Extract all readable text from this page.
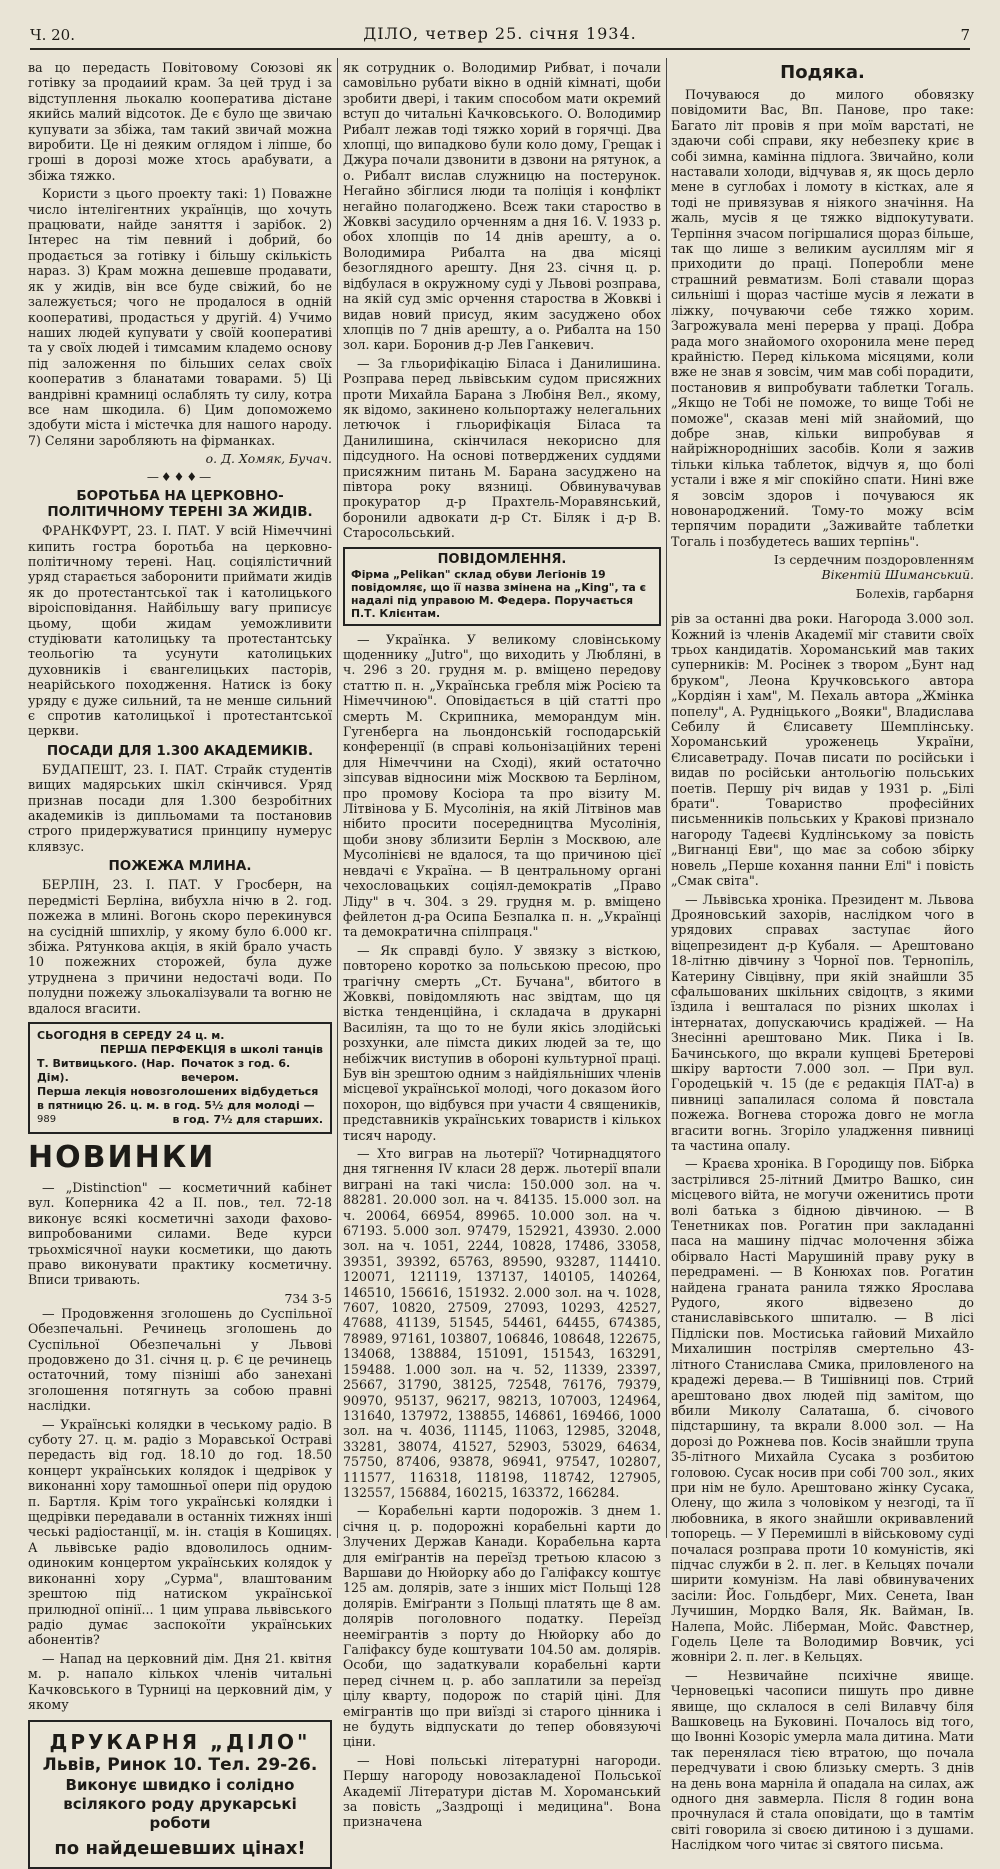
Ч. 20.	ДІЛО, четвер 25. січня 1934.	7

ва цо передасть Повітовому Союзові як готівку за продаиий крам. За цей труд і за відступлення льокалю кооператива дістане якийсь малий відсоток. Де є було ще звичаю купувати за збіжа, там такий звичай можна виробити. Це ні деяким оглядом і ліпше, бо гроші в дорозі може хтось арабувати, а збіжа тяжко.

Користи з цього проекту такі: 1) Поважне число інтелігентних українців, що хочуть працювати, найде заняття і зарібок. 2) Інтерес на тім певний і добрий, бо продається за готівку і більшу скількість нараз. 3) Крам можна дешевше продавати, як у жидів, він все буде свіжий, бо не залежується; чого не продалося в одній кооперативі, продасться у другій. 4) Учимо наших людей купувати у своїй кооперативі та у своїх людей і тимсамим кладемо основу під заложення по більших селах своїх кооператив з бланатами товарами. 5) Ці вандрівні крамниці ослаблять ту силу, котра все нам шкодила. 6) Цим допоможемо здобути міста і містечка для нашого народу. 7) Селяни заробляють на фірманках.

о. Д. Хомяк, Бучач.
—♦♦♦—
БОРОТЬБА НА ЦЕРКОВНО-ПОЛІТИЧНОМУ ТЕРЕНІ ЗА ЖИДІВ.

ФРАНКФУРТ, 23. І. ПАТ. У всій Німеччині кипить гостра боротьба на церковно-політичному терені. Нац. соціялістичний уряд старається заборонити приймати жидів як до протестантської так і католицького віроісповідання. Найбільшу вагу приписує цьому, щоби жидам уеможливити студіювати католицьку та протестантську теольогію та усунути католицьких духовників і євангелицьких пасторів, неарійського походження. Натиск із боку уряду є дуже сильний, та не менше сильний є спротив католицької і протестантської церкви.

ПОСАДИ ДЛЯ 1.300 АКАДЕМИКІВ.

БУДАПЕШТ, 23. І. ПАТ. Страйк студентів вищих мадярських шкіл скінчився. Уряд признав посади для 1.300 безробітних академиків із дипльомами та постановив строго придержуватися принципу нумерус клявзус.

ПОЖЕЖА МЛИНА.

БЕРЛІН, 23. І. ПАТ. У Гросберн, на передмісті Берліна, вибухла нічю в 2. год. пожежа в млині. Вогонь скоро перекинувся на сусідній шпихлір, у якому було 6.000 кг. збіжа. Рятункова акція, в якій брало участь 10 пожежних сторожей, була дуже утруднена з причини недостачі води. По полудни пожежу зльокалізували та вогню не вдалося вгасити.

СЬОГОДНЯ В СЕРЕДУ 24 ц. м.
ПЕРША ПЕРФЕКЦІЯ в школі танців
Т. Витвицького. (Нар. Дім).
Початок з год. 6. вечером.
Перша лекція новозголошених відбудеться в пятницю 26. ц. м. в год. 5½ для молоді —
989	в год. 7½ для старших.
НОВИНКИ

— „Distinction" — косметичний кабінет вул. Коперника 42 а ІІ. пов., тел. 72-18 виконує всякі косметичні заходи фахово-випробованими силами. Веде курси трьохмісячної науки косметики, що дають право виконувати практику косметичну. Вписи тривають.

734 3-5

— Продовження зголошень до Суспільної Обезпечальні. Речинець зголошень до Суспільної Обезпечальні у Львові продовжено до 31. січня ц. р. Є це речинець остаточний, тому пізніші або занехані зголошення потягнуть за собою правні наслідки.

— Українські колядки в чеському радіо. В суботу 27. ц. м. радіо з Моравської Остраві передасть від год. 18.10 до год. 18.50 концерт українських колядок і щедрівок у виконанні хору тамошньої опери під орудою п. Бартля. Крім того українські колядки і щедрівки передавали в останніх тижнях інші чеські радіостанції, м. ін. стація в Кошицях. А львівське радіо вдоволилось одним-одиноким концертом українських колядок у виконанні хору „Сурма", влаштованим зрештою під натиском української прилюдної опінії... 1 цим управа львівського радіо думає заспокоїти українських абонентів?

— Напад на церковний дім. Дня 21. квітня м. р. напало кількох членів читальні Качковського в Турниці на церковний дім, у якому

ДРУКАРНЯ „ДІЛО"
Львів, Ринок 10. Тел. 29-26.
Виконує швидко і солідно всілякого роду друкарські роботи
по найдешевших цінах!

як сотрудник о. Володимир Рибват, і почали самовільно рубати вікно в одній кімнаті, щоби зробити двері, і таким способом мати окремий вступ до читальні Качковського. О. Володимир Рибалт лежав тоді тяжко хорий в горячці. Два хлопці, що випадково були коло дому, Грещак і Джура почали дзвонити в дзвони на рятунок, а о. Рибалт вислав служницю на постерунок. Негайно збіглися люди та поліція і конфлікт негайно полагоджено. Всеж таки староство в Жовкві засудило орченням а дня 16. V. 1933 р. обох хлопців по 14 днів арешту, а о. Володимира Рибалта на два місяці безоглядного арешту. Дня 23. січня ц. р. відбулася в окружному суді у Львові розправа, на якій суд зміс орчення староства в Жовкві і видав новий присуд, яким засуджено обох хлопців по 7 днів арешту, а о. Рибалта на 150 зол. кари. Боронив д-р Лев Ганкевич.

— За гльорифікацію Біласа і Данилишина. Розправа перед львівським судом присяжних проти Михайла Барана з Любіня Вел., якому, як відомо, закинено кольпортажу нелегальних летючок і гльорифікація Біласа та Данилишина, скінчилася некорисно для підсудного. На основі потверджених суддями присяжним питань М. Барана засуджено на півтора року вязниці. Обвинувачував прокуратор д-р Прахтель-Моравянський, боронили адвокати д-р Ст. Біляк і д-р В. Старосольський.

ПОВІДОМЛЕННЯ.
Фірма „Pelikan" склад обуви Легіонів 19 повідомляє, що її назва змінена на „King", та є надалі під управою М. Федера. Поручається П.Т. Клієнтам.

— Українка. У великому словінському щоденнику „Jutro", що виходить у Любляні, в ч. 296 з 20. грудня м. р. вміщено передову статтю п. н. „Українська гребля між Росією та Німеччиною". Оповідається в цій статті про смерть М. Скрипника, меморандум мін. Гугенберга на льондонській господарській конференції (в справі кольонізаційних терені для Німеччини на Сході), який остаточно зіпсував відносини між Москвою та Берліном, про промову Косіора та про візиту М. Літвінова у Б. Мусолінія, на якій Літвінов мав нібито просити посередництва Мусолінія, щоби знову зблизити Берлін з Москвою, але Мусолінієві не вдалося, та що причиною цієї невдачі є Україна. — В центральному органі чехословацьких соціял-демократів „Право Ліду" в ч. 304. з 29. грудня м. р. вміщено фейлетон д-ра Осипа Безпалка п. н. „Українці та демократична спілпраця."

— Як справді було. У звязку з вісткою, повторено коротко за польською пресою, про трагічну смерть „Ст. Бучана", вбитого в Жовкві, повідомляють нас звідтам, що ця вістка тенденційна, і складача в друкарні Василіян, та що то не були якісь злодійські розхунки, але пімста диких людей за те, що небіжчик виступив в обороні культурної праці. Був він зрештою одним з найдіяльніших членів місцевої української молоді, чого доказом його похорон, що відбувся при участи 4 священиків, представників українських товариств і кількох тисяч народу.

— Хто виграв на льотерії? Чотирнадцятого дня тягнення IV класи 28 держ. льотерії впали виграні на такі числа: 150.000 зол. на ч. 88281. 20.000 зол. на ч. 84135. 15.000 зол. на ч. 20064, 66954, 89965. 10.000 зол. на ч. 67193. 5.000 зол. 97479, 152921, 43930. 2.000 зол. на ч. 1051, 2244, 10828, 17486, 33058, 39351, 39392, 65763, 89590, 93287, 114410. 120071, 121119, 137137, 140105, 140264, 146510, 156616, 151932. 2.000 зол. на ч. 1028, 7607, 10820, 27509, 27093, 10293, 42527, 47688, 41139, 51545, 54461, 64455, 674385, 78989, 97161, 103807, 106846, 108648, 122675, 134068, 138884, 151091, 151543, 163291, 159488. 1.000 зол. на ч. 52, 11339, 23397, 25667, 31790, 38125, 72548, 76176, 79379, 90970, 95137, 96217, 98213, 107003, 124964, 131640, 137972, 138855, 146861, 169466, 1000 зол. на ч. 4036, 11145, 11063, 12985, 32048, 33281, 38074, 41527, 52903, 53029, 64634, 75750, 87406, 93878, 96941, 97547, 102807, 111577, 116318, 118198, 118742, 127905, 132557, 156884, 160215, 163372, 166284.

— Корабельні карти подорожів. З днем 1. січня ц. р. подорожні корабельні карти до Злучених Держав Канади. Корабельна карта для еміґрантів на переїзд третьою класою з Варшави до Нюйорку або до Галіфаксу коштує 125 ам. долярів, зате з інших міст Польщі 128 долярів. Еміґранти з Польщі платять ще 8 ам. долярів поголовного податку. Переїзд неемігрантів з порту до Нюйорку або до Галіфаксу буде коштувати 104.50 ам. долярів. Особи, що задаткували корабельні карти перед січнем ц. р. або заплатили за переїзд цілу кварту, подорож по старій ціні. Для емігрантів що при виїзді зі старого цінника і не будуть відпускати до тепер обовязуючі ціни.

— Нові польські літературні нагороди. Першу нагороду новозакладеної Польської Академії Літератури дістав М. Хороманський за повість „Заздрощі і медицина". Вона призначена

Подяка.

Почуваюся до милого обовязку повідомити Вас, Вп. Панове, про таке: Багато літ провів я при моїм варстаті, не здаючи собі справи, яку небезпеку криє в собі зимна, камінна підлога. Звичайно, коли наставали холоди, відчував я, як щось дерло мене в суглобах і ломоту в кістках, але я тоді не привязував я ніякого значіння. На жаль, мусів я це тяжко відпокутувати. Терпіння зчасом погіршалися щораз більше, так що лише з великим аусиллям міг я приходити до праці. Поперобли мене страшний ревматизм. Болі ставали щораз сильніші і щораз частіше мусів я лежати в ліжку, почуваючи себе тяжко хорим. Загрожувала мені перерва у праці. Добра рада мого знайомого охоронила мене перед крайністю. Перед кількома місяцями, коли вже не знав я зовсім, чим мав собі порадити, постановив я випробувати таблетки Тогаль. „Якщо не Тобі не поможе, то вище Тобі не поможе", сказав мені мій знайомий, що добре знав, кільки випробував я найріжнородніших засобів. Коли я зажив тільки кілька таблеток, відчув я, що болі устали і вже я міг спокійно спати. Нині вже я зовсім здоров і почуваюся як новонароджений. Тому-то можу всім терпячим порадити „Заживайте таблетки Тогаль і позбудетесь ваших терпінь".

Із сердечним поздоровленням
Вікентій Шиманський.
Болехів, гарбарня

рів за останні два роки. Нагорода 3.000 зол. Кожний із членів Академії міг ставити своїх трьох кандидатів. Хороманський мав таких суперників: М. Росінек з твором „Бунт над бруком", Леона Кручковського автора „Кордіян і хам", М. Пехаль автора „Жмінка попелу", А. Рудніцького „Вояки", Владислава Себилу й Єлисавету Шемплінську. Хороманський уроженець України, Єлисаветраду. Почав писати по російськи і видав по російськи антольогію польських поетів. Першу річ видав у 1931 р. „Білі брати". Товариство професійних письменників польських у Кракові признало нагороду Тадеєві Кудлінському за повість „Вигнанці Еви", що має за собою збірку новель „Перше кохання панни Елі" і повість „Смак світа".

— Львівська хроніка. Президент м. Львова Дрояновський захорів, наслідком чого в урядових справах заступає його віцепрезидент д-р Кубаля. — Арештовано 18-літню дівчину з Чорної пов. Тернопіль, Катерину Сівцівну, при якій знайшли 35 сфальшованих шкільних свідоцтв, з якими їздила і вешталася по різних школах і інтернатах, допускаючись крадіжей. — На Знесінні арештовано Мик. Пика і Ів. Бачинського, що вкрали купцеві Бретерові шкіру вартости 7.000 зол. — При вул. Городецькій ч. 15 (де є редакція ПАТ-а) в пивниці запалилася солома й повстала пожежа. Вогнева сторожа довго не могла вгасити вогнь. Згоріло уладження пивниці та частина опалу.

— Краєва хроніка. В Городищу пов. Бібрка застрілився 25-літний Дмитро Вашко, син місцевого війта, не могучи оженитись проти волі батька з бідною дівчиною. — В Тенетниках пов. Рогатин при закладанні паса на машину підчас молочення збіжа обірвало Насті Марушиній праву руку в передрамені. — В Конюхах пов. Рогатин найдена граната ранила тяжко Ярослава Рудого, якого відвезено до станиславівського шпиталю. — В лісі Підліски пов. Мостиська гайовий Михайло Михалишин постріляв смертельно 43-літного Станислава Смика, приловленого на крадежі дерева.— В Тишівниці пов. Стрий арештовано двох людей під замітом, що вбили Миколу Салаташа, б. січового підстаршину, та вкрали 8.000 зол. — На дорозі до Рожнева пов. Косів знайшли трупа 35-літного Михайла Сусака з розбитою головою. Сусак носив при собі 700 зол., яких при нім не було. Арештовано жінку Сусака, Олену, що жила з чоловіком у незгоді, та її любовника, в якого знайшли окривавлений топорець. — У Перемишлі в військовому суді почалася розправа проти 10 комуністів, які підчас служби в 2. п. лег. в Кельцях почали ширити комунізм. На лаві обвинувачених засіли: Йос. Гольдберг, Мих. Сенета, Іван Лучишин, Мордко Валя, Як. Вайман, Ів. Налепа, Мойс. Ліберман, Мойс. Фавстнер, Годель Целе та Володимир Вовчик, усі жовніри 2. п. лег. в Кельцях.

— Незвичайне психічне явище. Черновецькі часописи пишуть про дивне явище, що склалося в селі Вилавчу біля Вашковець на Буковині. Почалось від того, що Івонні Козоріс умерла мала дитина. Мати так перенялася тією втратою, що почала передчувати і свою близьку смерть. З днів на день вона марніла й опадала на силах, аж одного дня завмерла. Після 8 годин вона прочнулася й стала оповідати, що в тамтім світі говорила зі своєю дитиною і з душами. Наслідком чого читає зі святого письма.
